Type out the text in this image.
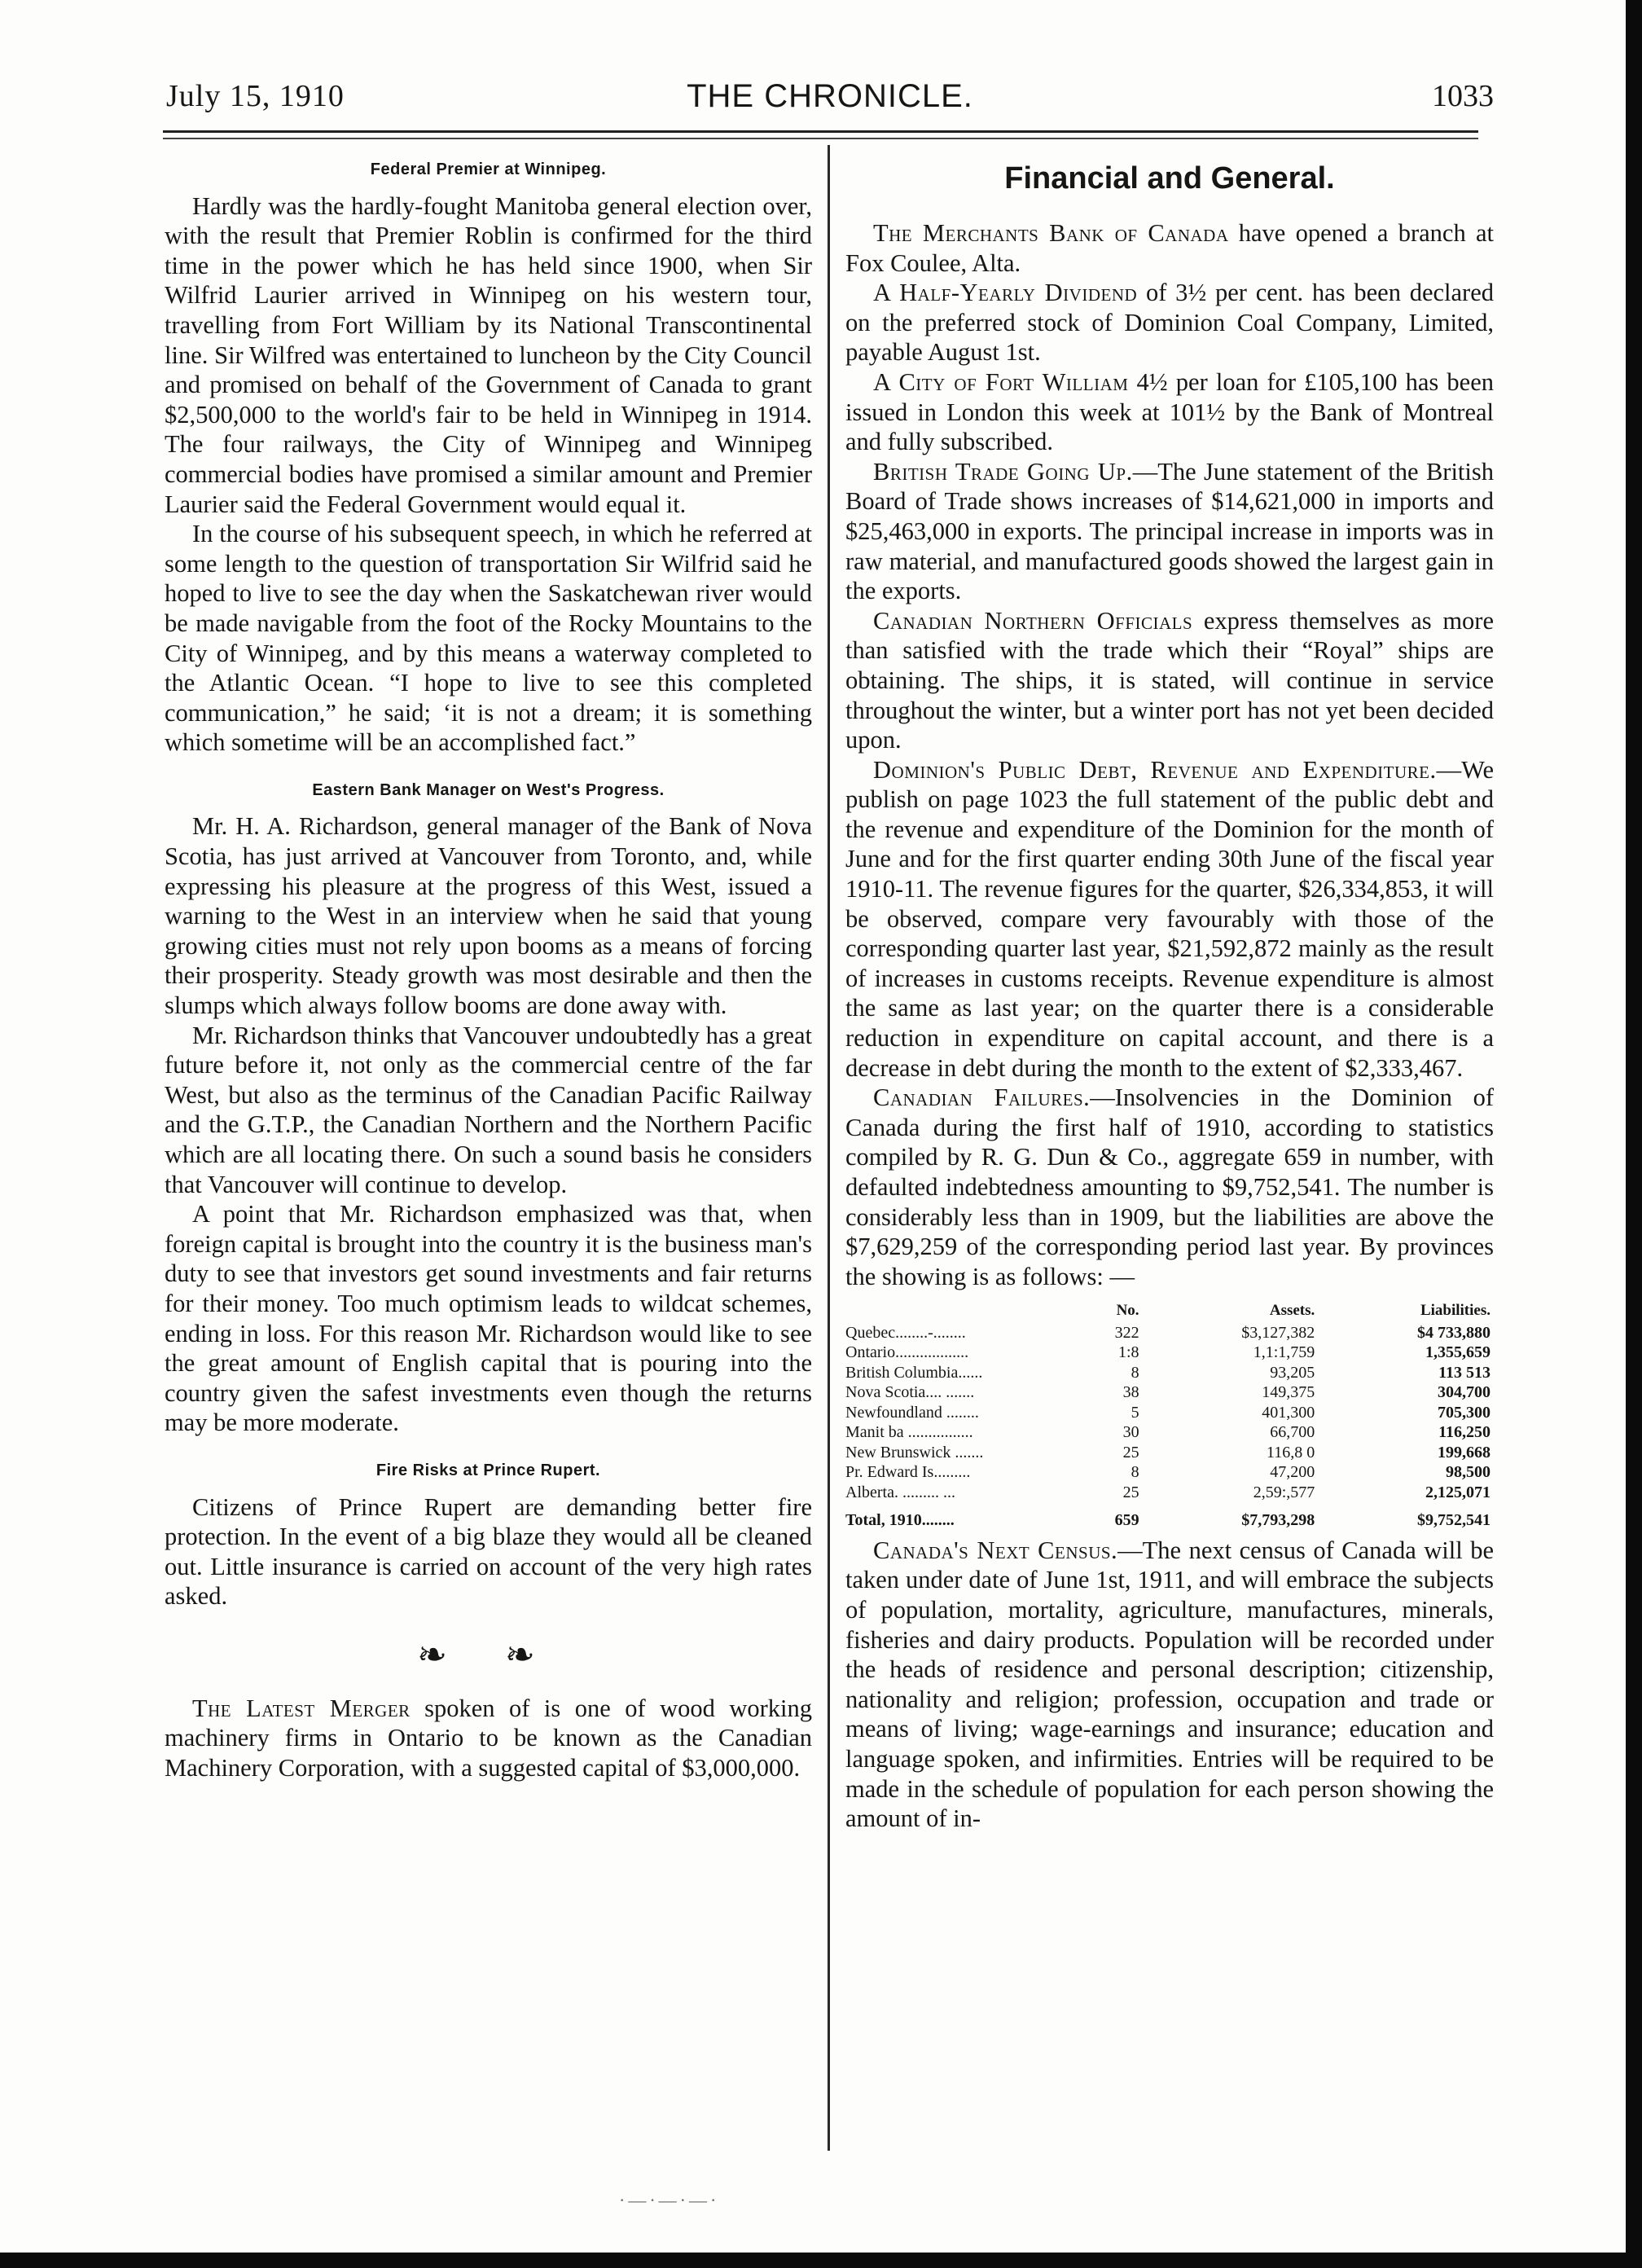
July 15, 1910	THE CHRONICLE.	1033
Federal Premier at Winnipeg.

Hardly was the hardly-fought Manitoba general election over, with the result that Premier Roblin is confirmed for the third time in the power which he has held since 1900, when Sir Wilfrid Laurier arrived in Winnipeg on his western tour, travelling from Fort William by its National Transcontinental line. Sir Wilfred was entertained to luncheon by the City Council and promised on behalf of the Government of Canada to grant $2,500,000 to the world's fair to be held in Winnipeg in 1914. The four railways, the City of Winnipeg and Winnipeg commercial bodies have promised a similar amount and Premier Laurier said the Federal Government would equal it.

In the course of his subsequent speech, in which he referred at some length to the question of transportation Sir Wilfrid said he hoped to live to see the day when the Saskatchewan river would be made navigable from the foot of the Rocky Mountains to the City of Winnipeg, and by this means a waterway completed to the Atlantic Ocean. “I hope to live to see this completed communication,” he said; ‘it is not a dream; it is something which sometime will be an accomplished fact.”

Eastern Bank Manager on West's Progress.

Mr. H. A. Richardson, general manager of the Bank of Nova Scotia, has just arrived at Vancouver from Toronto, and, while expressing his pleasure at the progress of this West, issued a warning to the West in an interview when he said that young growing cities must not rely upon booms as a means of forcing their prosperity. Steady growth was most desirable and then the slumps which always follow booms are done away with.

Mr. Richardson thinks that Vancouver undoubtedly has a great future before it, not only as the commercial centre of the far West, but also as the terminus of the Canadian Pacific Railway and the G.T.P., the Canadian Northern and the Northern Pacific which are all locating there. On such a sound basis he considers that Vancouver will continue to develop.

A point that Mr. Richardson emphasized was that, when foreign capital is brought into the country it is the business man's duty to see that investors get sound investments and fair returns for their money. Too much optimism leads to wildcat schemes, ending in loss. For this reason Mr. Richardson would like to see the great amount of English capital that is pouring into the country given the safest investments even though the returns may be more moderate.

Fire Risks at Prince Rupert.

Citizens of Prince Rupert are demanding better fire protection. In the event of a big blaze they would all be cleaned out. Little insurance is carried on account of the very high rates asked.

❧ ❧

The Latest Merger spoken of is one of wood working machinery firms in Ontario to be known as the Canadian Machinery Corporation, with a suggested capital of $3,000,000.

Financial and General.

The Merchants Bank of Canada have opened a branch at Fox Coulee, Alta.

A Half-Yearly Dividend of 3½ per cent. has been declared on the preferred stock of Dominion Coal Company, Limited, payable August 1st.

A City of Fort William 4½ per loan for £105,100 has been issued in London this week at 101½ by the Bank of Montreal and fully subscribed.

British Trade Going Up.—The June statement of the British Board of Trade shows increases of $14,621,000 in imports and $25,463,000 in exports. The principal increase in imports was in raw material, and manufactured goods showed the largest gain in the exports.

Canadian Northern Officials express themselves as more than satisfied with the trade which their “Royal” ships are obtaining. The ships, it is stated, will continue in service throughout the winter, but a winter port has not yet been decided upon.

Dominion's Public Debt, Revenue and Expenditure.—We publish on page 1023 the full statement of the public debt and the revenue and expenditure of the Dominion for the month of June and for the first quarter ending 30th June of the fiscal year 1910-11. The revenue figures for the quarter, $26,334,853, it will be observed, compare very favourably with those of the corresponding quarter last year, $21,592,872 mainly as the result of increases in customs receipts. Revenue expenditure is almost the same as last year; on the quarter there is a considerable reduction in expenditure on capital account, and there is a decrease in debt during the month to the extent of $2,333,467.

Canadian Failures.—Insolvencies in the Dominion of Canada during the first half of 1910, according to statistics compiled by R. G. Dun & Co., aggregate 659 in number, with defaulted indebtedness amounting to $9,752,541. The number is considerably less than in 1909, but the liabilities are above the $7,629,259 of the corresponding period last year. By provinces the showing is as follows: —

	No.	Assets.	Liabilities.
Quebec........-........	322	$3,127,382	$4 733,880
Ontario..................	1:8	1,1:1,759	1,355,659
British Columbia......	8	93,205	113 513
Nova Scotia.... .......	38	149,375	304,700
Newfoundland ........	5	401,300	705,300
Manit ba ................	30	66,700	116,250
New Brunswick .......	25	116,8 0	199,668
Pr. Edward Is.........	8	47,200	98,500
Alberta. ......... ...	25	2,59:,577	2,125,071
Total, 1910........	659	$7,793,298	$9,752,541

Canada's Next Census.—The next census of Canada will be taken under date of June 1st, 1911, and will embrace the subjects of population, mortality, agriculture, manufactures, minerals, fisheries and dairy products. Population will be recorded under the heads of residence and personal description; citizenship, nationality and religion; profession, occupation and trade or means of living; wage-earnings and insurance; education and language spoken, and infirmities. Entries will be required to be made in the schedule of population for each person showing the amount of in-

·—·—·—·
